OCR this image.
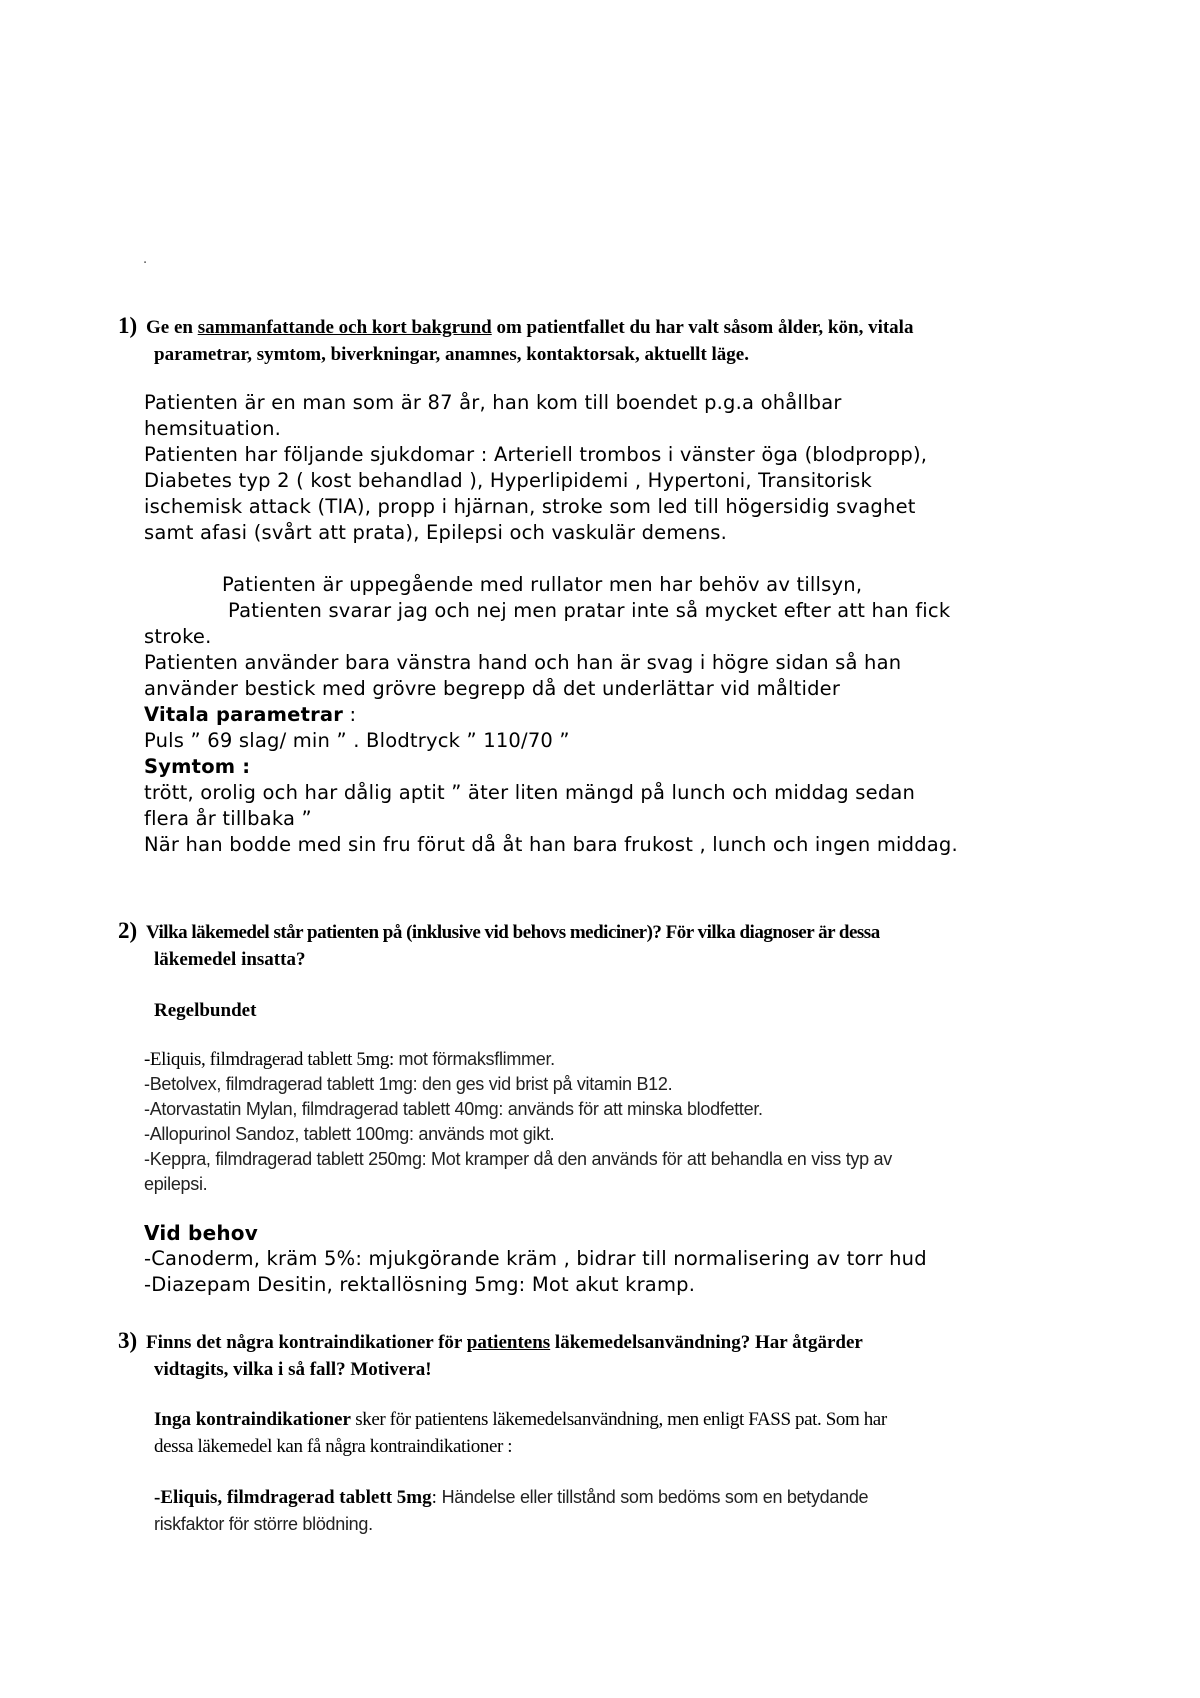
.
1) Ge en sammanfattande och kort bakgrund om patientfallet du har valt såsom ålder, kön, vitala
parametrar, symtom, biverkningar, anamnes, kontaktorsak, aktuellt läge.

Patienten är en man som är 87 år, han kom till boendet p.g.a ohållbar

hemsituation.

Patienten har följande sjukdomar : Arteriell trombos i vänster öga (blodpropp),

Diabetes typ 2 ( kost behandlad ), Hyperlipidemi , Hypertoni, Transitorisk

ischemisk attack (TIA), propp i hjärnan, stroke som led till högersidig svaghet

samt afasi (svårt att prata), Epilepsi och vaskulär demens.

Patienten är uppegående med rullator men har behöv av tillsyn,

Patienten svarar jag och nej men pratar inte så mycket efter att han fick

stroke.

Patienten använder bara vänstra hand och han är svag i högre sidan så han

använder bestick med grövre begrepp då det underlättar vid måltider

Vitala parametrar :

Puls ” 69 slag/ min ” . Blodtryck ” 110/70 ”

Symtom :

trött, orolig och har dålig aptit ” äter liten mängd på lunch och middag sedan

flera år tillbaka ”

När han bodde med sin fru förut då åt han bara frukost , lunch och ingen middag.

2) Vilka läkemedel står patienten på (inklusive vid behovs mediciner)? För vilka diagnoser är dessa
läkemedel insatta?
Regelbundet

-Eliquis, filmdragerad tablett 5mg: mot förmaksflimmer.

-Betolvex, filmdragerad tablett 1mg: den ges vid brist på vitamin B12.

-Atorvastatin Mylan, filmdragerad tablett 40mg: används för att minska blodfetter.

-Allopurinol Sandoz, tablett 100mg: används mot gikt.

-Keppra, filmdragerad tablett 250mg: Mot kramper då den används för att behandla en viss typ av

epilepsi.

Vid behov

-Canoderm, kräm 5%: mjukgörande kräm , bidrar till normalisering av torr hud

-Diazepam Desitin, rektallösning 5mg: Mot akut kramp.

3) Finns det några kontraindikationer för patientens läkemedelsanvändning? Har åtgärder
vidtagits, vilka i så fall? Motivera!

Inga kontraindikationer sker för patientens läkemedelsanvändning, men enligt FASS pat. Som har

dessa läkemedel kan få några kontraindikationer :

-Eliquis, filmdragerad tablett 5mg: Händelse eller tillstånd som bedöms som en betydande

riskfaktor för större blödning.
